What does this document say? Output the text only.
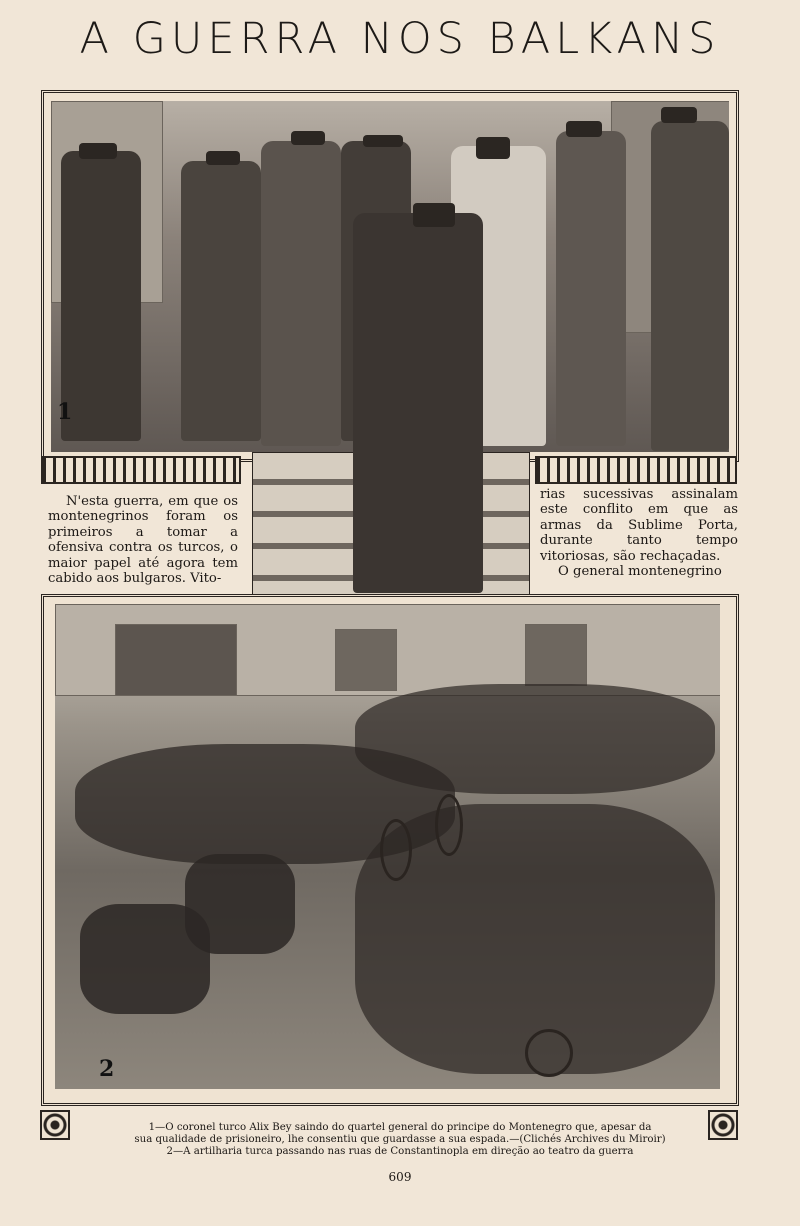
A GUERRA NOS BALKANS
1

N'esta guerra, em que os montenegrinos foram os primeiros a tomar a ofensiva contra os turcos, o maior papel até agora tem cabido aos bulgaros. Vito-

rias sucessivas assinalam este conflito em que as armas da Sublime Porta, durante tanto tempo vitoriosas, são rechaçadas.

O general montenegrino

2
1—O coronel turco Alix Bey saindo do quartel general do principe do Montenegro que, apesar da
sua qualidade de prisioneiro, lhe consentiu que guardasse a sua espada.—(Clichés Archives du Miroir)
2—A artilharia turca passando nas ruas de Constantinopla em direção ao teatro da guerra
609
